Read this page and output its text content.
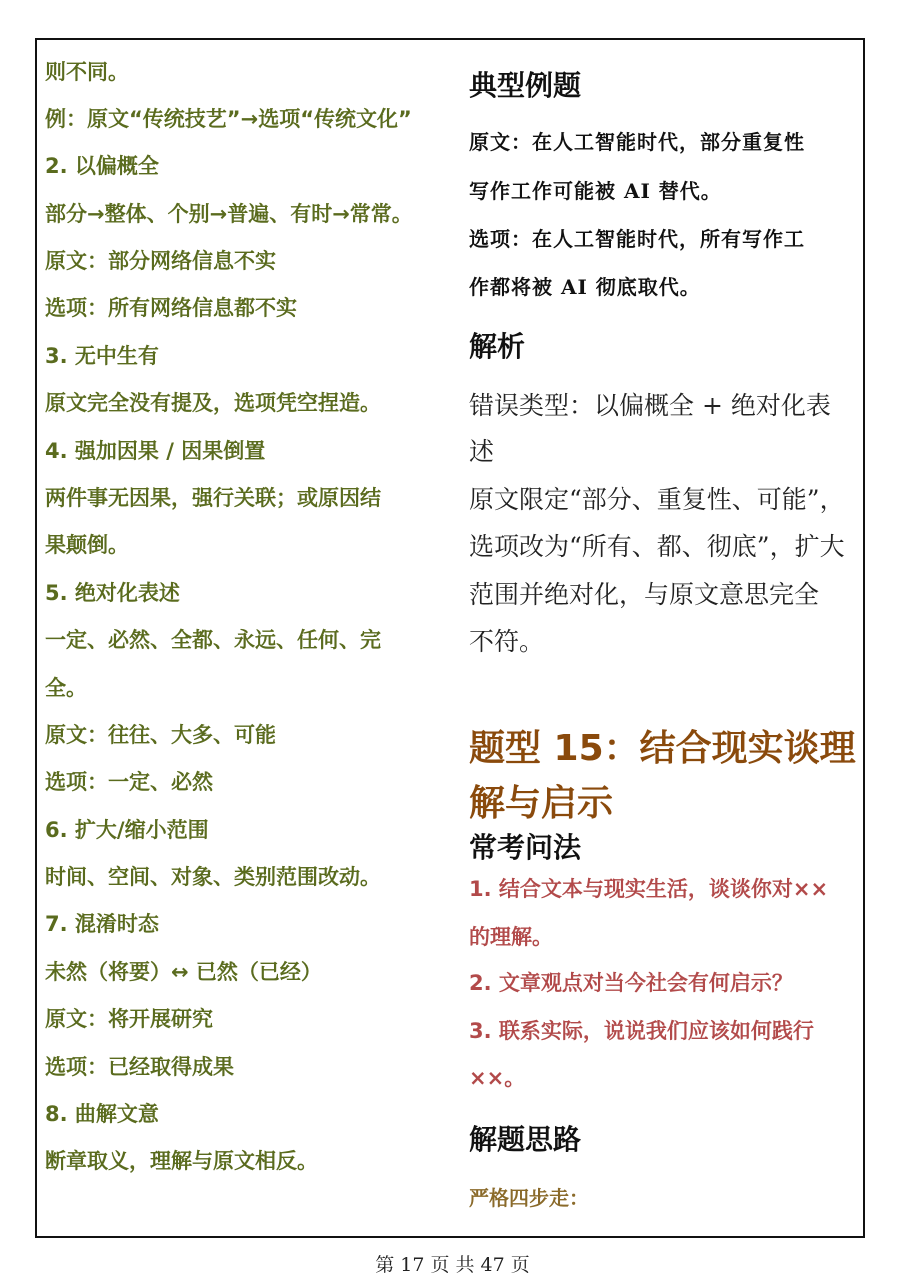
则不同。
例：原文“传统技艺”→选项“传统文化”
2. 以偏概全
部分→整体、个别→普遍、有时→常常。
原文：部分网络信息不实
选项：所有网络信息都不实
3. 无中生有
原文完全没有提及，选项凭空捏造。
4. 强加因果 / 因果倒置
两件事无因果，强行关联；或原因结
果颠倒。
5. 绝对化表述
一定、必然、全都、永远、任何、完
全。
原文：往往、大多、可能
选项：一定、必然
6. 扩大/缩小范围
时间、空间、对象、类别范围改动。
7. 混淆时态
未然（将要）↔ 已然（已经）
原文：将开展研究
选项：已经取得成果
8. 曲解文意
断章取义，理解与原文相反。
典型例题
原文：在人工智能时代，部分重复性
写作工作可能被 AI 替代。
选项：在人工智能时代，所有写作工
作都将被 AI 彻底取代。
解析
错误类型：以偏概全 + 绝对化表
述
原文限定“部分、重复性、可能”，
选项改为“所有、都、彻底”，扩大
范围并绝对化，与原文意思完全
不符。
题型 15：结合现实谈理
解与启示
常考问法
1. 结合文本与现实生活，谈谈你对××
的理解。
2. 文章观点对当今社会有何启示？
3. 联系实际，说说我们应该如何践行
××。
解题思路
严格四步走：
第 17 页 共 47 页
